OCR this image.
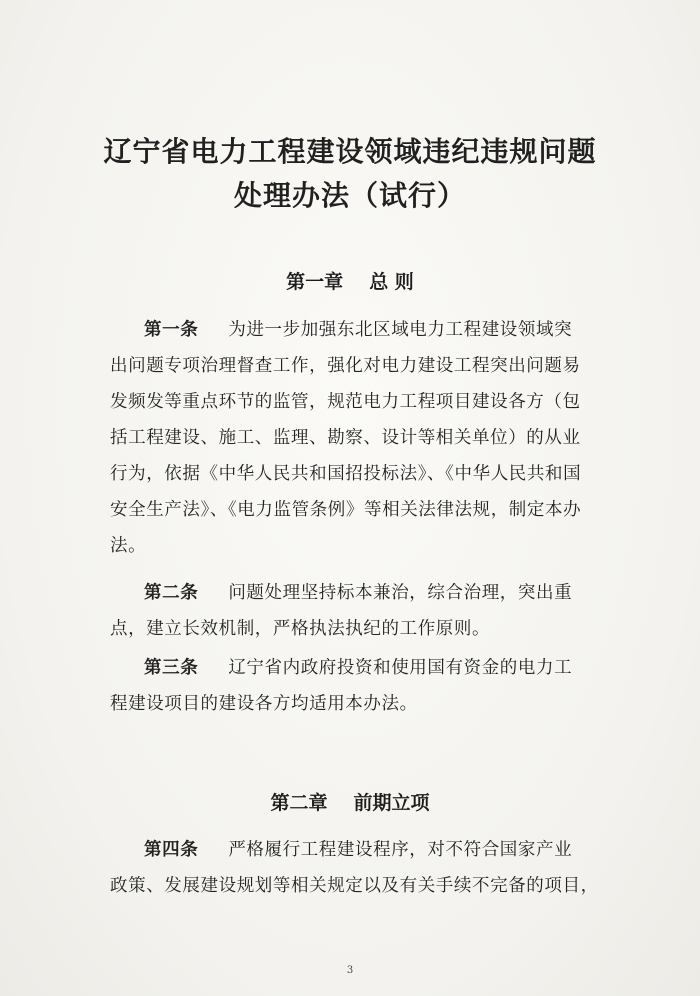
辽宁省电力工程建设领域违纪违规问题
处理办法（试行）
第一章 总 则
第一条 为进一步加强东北区域电力工程建设领域突
出问题专项治理督查工作，强化对电力建设工程突出问题易
发频发等重点环节的监管，规范电力工程项目建设各方（包
括工程建设、施工、监理、勘察、设计等相关单位）的从业
行为，依据《中华人民共和国招投标法》、《中华人民共和国
安全生产法》、《电力监管条例》等相关法律法规，制定本办
法。
第二条 问题处理坚持标本兼治，综合治理，突出重
点，建立长效机制，严格执法执纪的工作原则。
第三条 辽宁省内政府投资和使用国有资金的电力工
程建设项目的建设各方均适用本办法。
第二章 前期立项
第四条 严格履行工程建设程序，对不符合国家产业
政策、发展建设规划等相关规定以及有关手续不完备的项目，
3
